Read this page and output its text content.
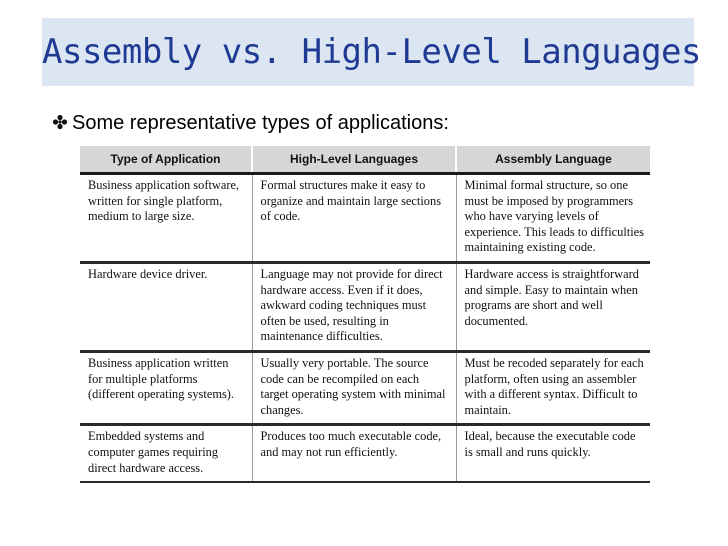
Assembly vs. High-Level Languages
Some representative types of applications:
Type of Application	High-Level Languages	Assembly Language
Business application software, written for single platform, medium to large size.	Formal structures make it easy to organize and maintain large sections of code.	Minimal formal structure, so one must be imposed by programmers who have varying levels of experience. This leads to difficulties maintaining existing code.
Hardware device driver.	Language may not provide for direct hardware access. Even if it does, awkward coding techniques must often be used, resulting in maintenance difficulties.	Hardware access is straightforward and simple. Easy to maintain when programs are short and well documented.
Business application written for multiple platforms (different operating systems).	Usually very portable. The source code can be recompiled on each target operating system with minimal changes.	Must be recoded separately for each platform, often using an assembler with a different syntax. Difficult to maintain.
Embedded systems and computer games requiring direct hardware access.	Produces too much executable code, and may not run efficiently.	Ideal, because the executable code is small and runs quickly.
